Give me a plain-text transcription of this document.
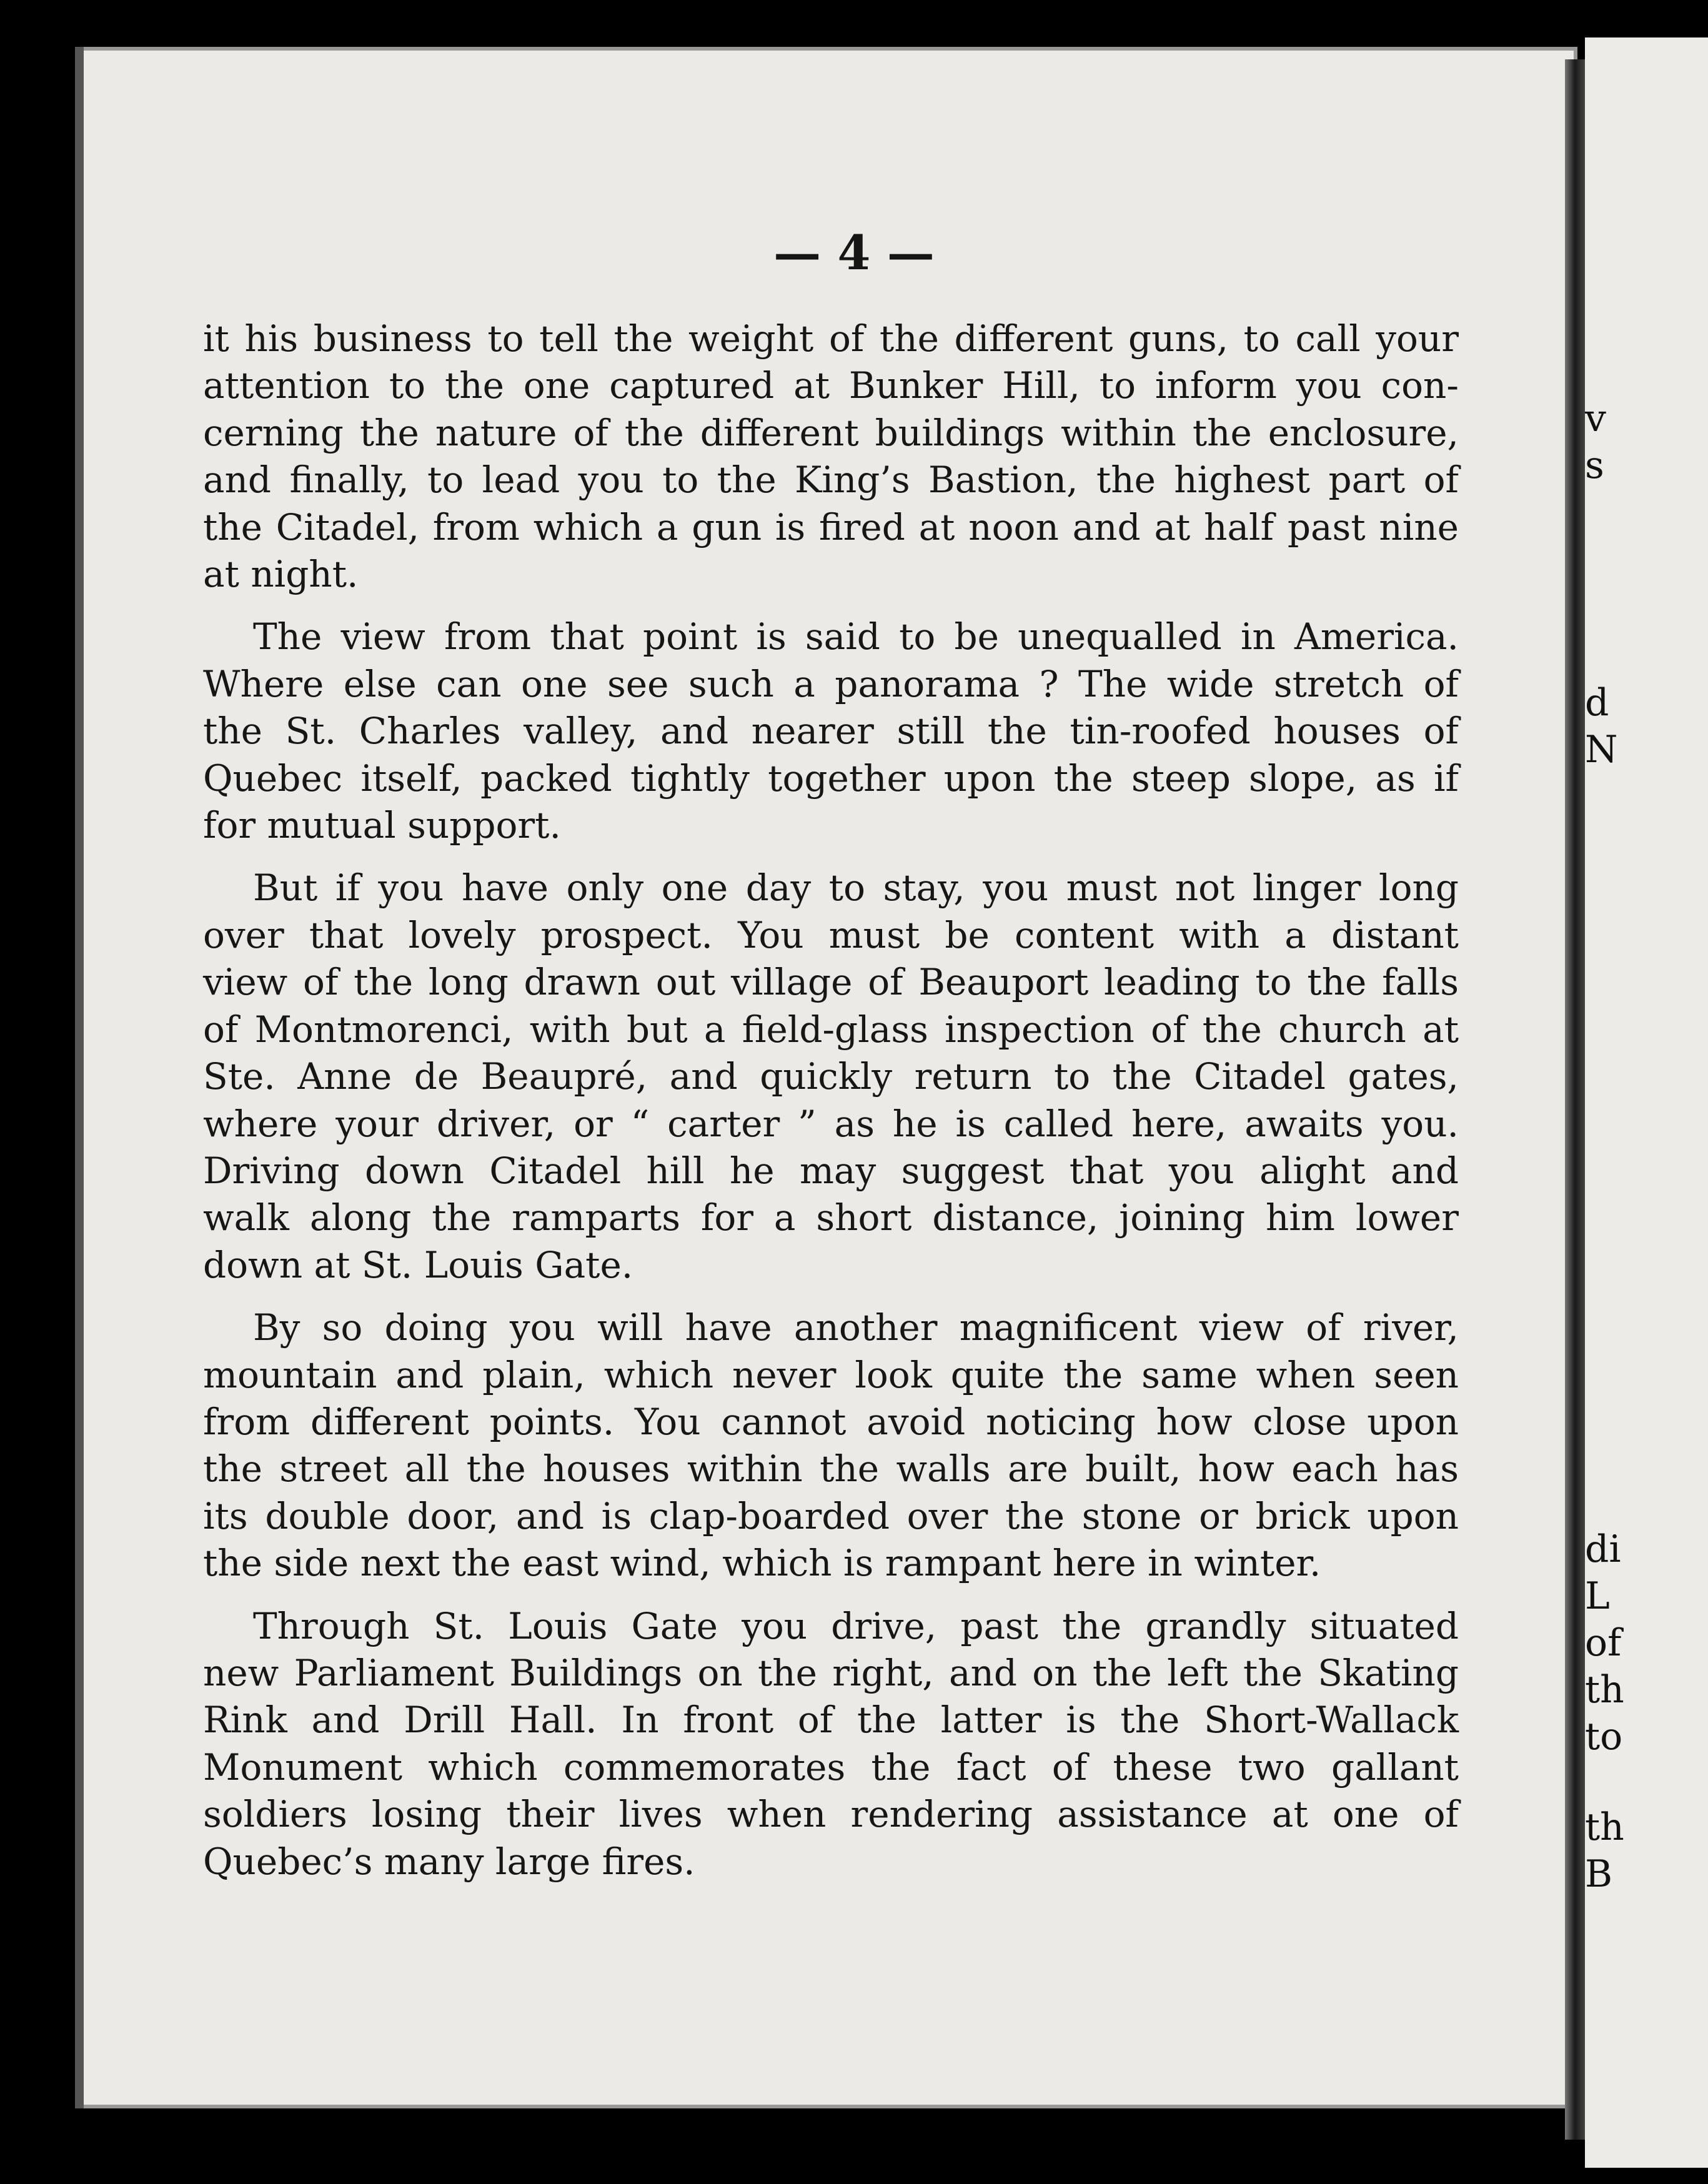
v
s
d
N
di
L
of
th
to
th
B
— 4 —

it his business to tell the weight of the different guns, to call your
attention to the one captured at Bunker Hill, to inform you con-
cerning the nature of the different buildings within the enclosure,
and finally, to lead you to the King’s Bastion, the highest part of
the Citadel, from which a gun is fired at noon and at half past nine
at night.

The view from that point is said to be unequalled in America.
Where else can one see such a panorama ? The wide stretch of
the St. Charles valley, and nearer still the tin-roofed houses of
Quebec itself, packed tightly together upon the steep slope, as if
for mutual support.

But if you have only one day to stay, you must not linger long
over that lovely prospect. You must be content with a distant
view of the long drawn out village of Beauport leading to the falls
of Montmorenci, with but a field-glass inspection of the church at
Ste. Anne de Beaupré, and quickly return to the Citadel gates,
where your driver, or “ carter ” as he is called here, awaits you.
Driving down Citadel hill he may suggest that you alight and
walk along the ramparts for a short distance, joining him lower
down at St. Louis Gate.

By so doing you will have another magnificent view of river,
mountain and plain, which never look quite the same when seen
from different points. You cannot avoid noticing how close upon
the street all the houses within the walls are built, how each has
its double door, and is clap-boarded over the stone or brick upon
the side next the east wind, which is rampant here in winter.

Through St. Louis Gate you drive, past the grandly situated
new Parliament Buildings on the right, and on the left the Skating
Rink and Drill Hall. In front of the latter is the Short-Wallack
Monument which commemorates the fact of these two gallant
soldiers losing their lives when rendering assistance at one of
Quebec’s many large fires.
